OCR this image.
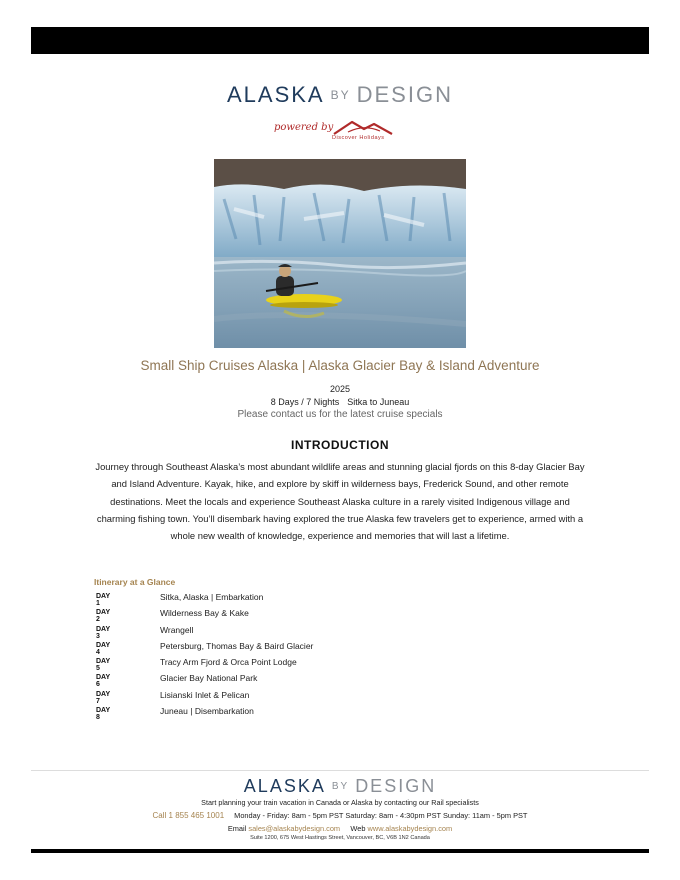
ALASKA BY DESIGN
powered by
Discover Holidays
Small Ship Cruises Alaska | Alaska Glacier Bay & Island Adventure
2025
8 Days / 7 Nights Sitka to Juneau
Please contact us for the latest cruise specials
INTRODUCTION

Journey through Southeast Alaska’s most abundant wildlife areas and stunning glacial fjords on this 8-day Glacier Bay and Island Adventure. Kayak, hike, and explore by skiff in wilderness bays, Frederick Sound, and other remote destinations. Meet the locals and experience Southeast Alaska culture in a rarely visited Indigenous village and charming fishing town. You’ll disembark having explored the true Alaska few travelers get to experience, armed with a whole new wealth of knowledge, experience and memories that will last a lifetime.

Itinerary at a Glance
DAY 1
Sitka, Alaska | Embarkation
DAY 2
Wilderness Bay & Kake
DAY 3
Wrangell
DAY 4
Petersburg, Thomas Bay & Baird Glacier
DAY 5
Tracy Arm Fjord & Orca Point Lodge
DAY 6
Glacier Bay National Park
DAY 7
Lisianski Inlet & Pelican
DAY 8
Juneau | Disembarkation
ALASKA BY DESIGN
Start planning your train vacation in Canada or Alaska by contacting our Rail specialists
Call 1 855 465 1001 Monday - Friday: 8am - 5pm PST Saturday: 8am - 4:30pm PST Sunday: 11am - 5pm PST
Email sales@alaskabydesign.com Web www.alaskabydesign.com
Suite 1200, 675 West Hastings Street, Vancouver, BC, V6B 1N2 Canada
